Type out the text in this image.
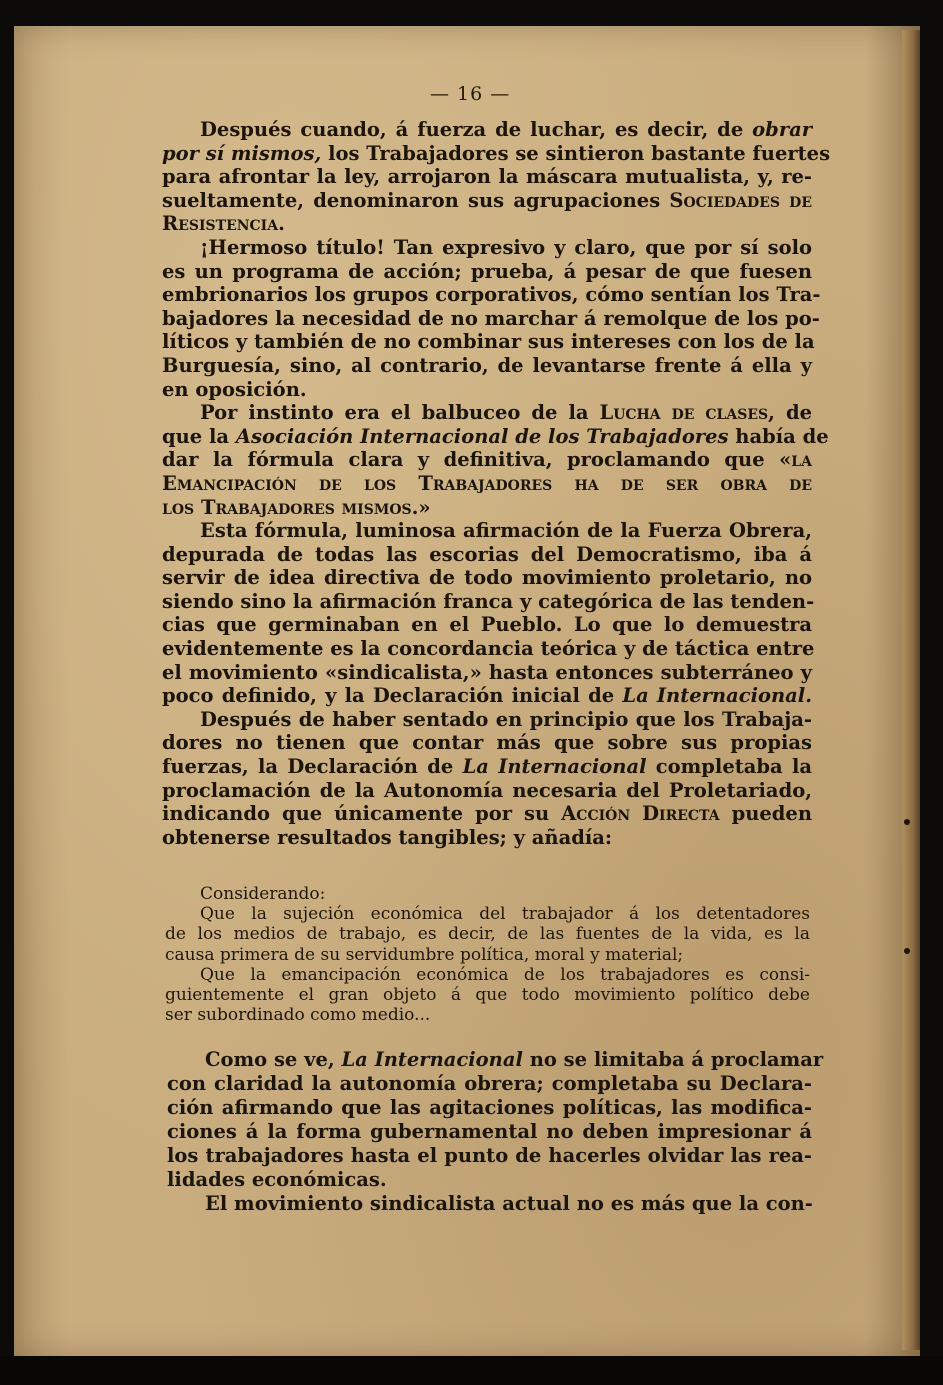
— 16 —
Después cuando, á fuerza de luchar, es decir, de obrar
por sí mismos, los Trabajadores se sintieron bastante fuertes
para afrontar la ley, arrojaron la máscara mutualista, y, re-
sueltamente, denominaron sus agrupaciones Sociedades de
Resistencia.
¡Hermoso título! Tan expresivo y claro, que por sí solo
es un programa de acción; prueba, á pesar de que fuesen
embrionarios los grupos corporativos, cómo sentían los Tra-
bajadores la necesidad de no marchar á remolque de los po-
líticos y también de no combinar sus intereses con los de la
Burguesía, sino, al contrario, de levantarse frente á ella y
en oposición.
Por instinto era el balbuceo de la Lucha de clases, de
que la Asociación Internacional de los Trabajadores había de
dar la fórmula clara y definitiva, proclamando que «la
Emancipación de los Trabajadores ha de ser obra de
los Trabajadores mismos.»
Esta fórmula, luminosa afirmación de la Fuerza Obrera,
depurada de todas las escorias del Democratismo, iba á
servir de idea directiva de todo movimiento proletario, no
siendo sino la afirmación franca y categórica de las tenden-
cias que germinaban en el Pueblo. Lo que lo demuestra
evidentemente es la concordancia teórica y de táctica entre
el movimiento «sindicalista,» hasta entonces subterráneo y
poco definido, y la Declaración inicial de La Internacional.
Después de haber sentado en principio que los Trabaja-
dores no tienen que contar más que sobre sus propias
fuerzas, la Declaración de La Internacional completaba la
proclamación de la Autonomía necesaria del Proletariado,
indicando que únicamente por su Acción Directa pueden
obtenerse resultados tangibles; y añadía:
Considerando:
Que la sujeción económica del trabajador á los detentadores
de los medios de trabajo, es decir, de las fuentes de la vida, es la
causa primera de su servidumbre política, moral y material;
Que la emancipación económica de los trabajadores es consi-
guientemente el gran objeto á que todo movimiento político debe
ser subordinado como medio...
Como se ve, La Internacional no se limitaba á proclamar
con claridad la autonomía obrera; completaba su Declara-
ción afirmando que las agitaciones políticas, las modifica-
ciones á la forma gubernamental no deben impresionar á
los trabajadores hasta el punto de hacerles olvidar las rea-
lidades económicas.
El movimiento sindicalista actual no es más que la con-
